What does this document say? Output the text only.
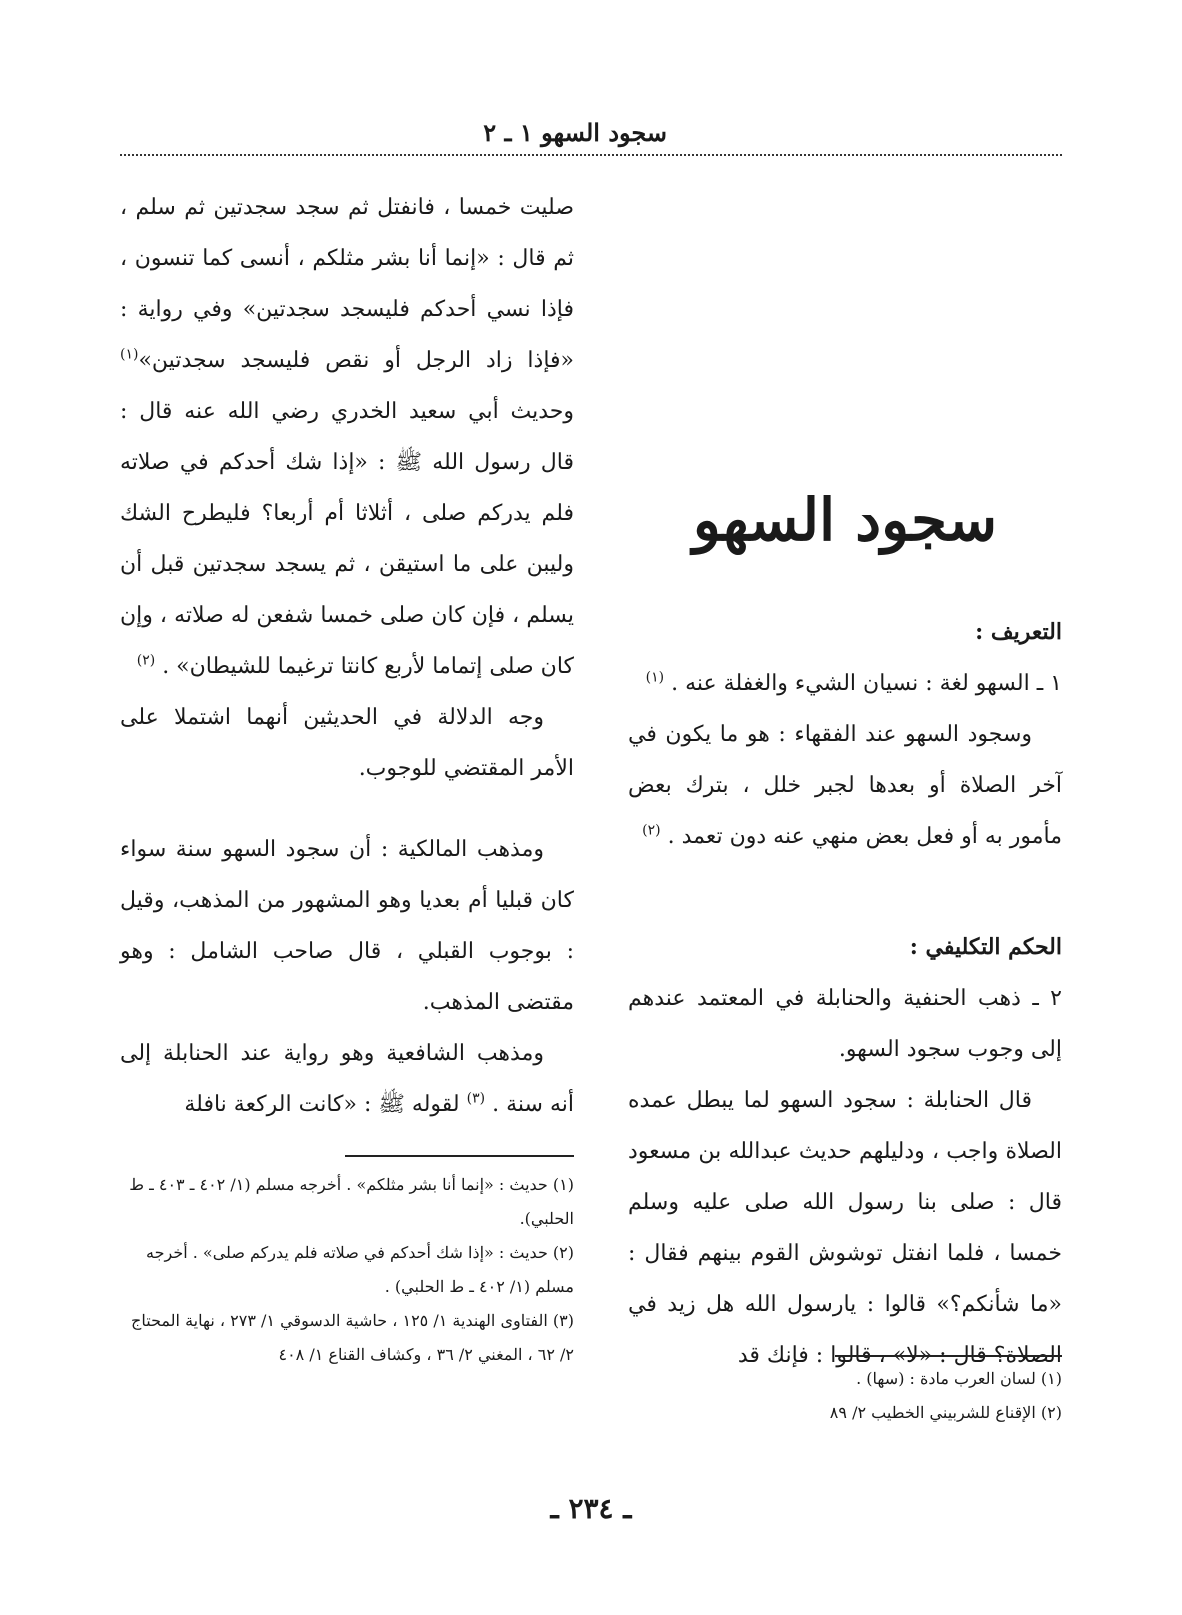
سجود السهو ١ ـ ٢
سجود السهو

التعريف :

١ ـ السهو لغة : نسيان الشيء والغفلة عنه . $^{(١)}$

وسجود السهو عند الفقهاء : هو ما يكون في آخر الصلاة أو بعدها لجبر خلل ، بترك بعض مأمور به أو فعل بعض منهي عنه دون تعمد . $^{(٢)}$

الحكم التكليفي :

٢ ـ ذهب الحنفية والحنابلة في المعتمد عندهم إلى وجوب سجود السهو.

قال الحنابلة : سجود السهو لما يبطل عمده الصلاة واجب ، ودليلهم حديث عبدالله بن مسعود قال : صلى بنا رسول الله صلى عليه وسلم خمسا ، فلما انفتل توشوش القوم بينهم فقال : «ما شأنكم؟» قالوا : يارسول الله هل زيد في الصلاة؟ قال : «لا» ، قالوا : فإنك قد

صليت خمسا ، فانفتل ثم سجد سجدتين ثم سلم ، ثم قال : «إنما أنا بشر مثلكم ، أنسى كما تنسون ، فإذا نسي أحدكم فليسجد سجدتين» وفي رواية : «فإذا زاد الرجل أو نقص فليسجد سجدتين»$^{(١)}$ وحديث أبي سعيد الخدري رضي الله عنه قال : قال رسول الله ﷺ : «إذا شك أحدكم في صلاته فلم يدركم صلى ، أثلاثا أم أربعا؟ فليطرح الشك وليبن على ما استيقن ، ثم يسجد سجدتين قبل أن يسلم ، فإن كان صلى خمسا شفعن له صلاته ، وإن كان صلى إتماما لأربع كانتا ترغيما للشيطان» . $^{(٢)}$

وجه الدلالة في الحديثين أنهما اشتملا على الأمر المقتضي للوجوب.

ومذهب المالكية : أن سجود السهو سنة سواء كان قبليا أم بعديا وهو المشهور من المذهب، وقيل : بوجوب القبلي ، قال صاحب الشامل : وهو مقتضى المذهب.

ومذهب الشافعية وهو رواية عند الحنابلة إلى أنه سنة . $^{(٣)}$ لقوله ﷺ : «كانت الركعة نافلة

(١) لسان العرب مادة : (سها) .

(٢) الإقناع للشربيني الخطيب ٢/ ٨٩

(١) حديث : «إنما أنا بشر مثلكم» . أخرجه مسلم (١/ ٤٠٢ ـ ٤٠٣ ـ ط الحلبي).

(٢) حديث : «إذا شك أحدكم في صلاته فلم يدركم صلى» . أخرجه مسلم (١/ ٤٠٢ ـ ط الحلبي) .

(٣) الفتاوى الهندية ١/ ١٢٥ ، حاشية الدسوقي ١/ ٢٧٣ ، نهاية المحتاج ٢/ ٦٢ ، المغني ٢/ ٣٦ ، وكشاف القناع ١/ ٤٠٨

ـ ٢٣٤ ـ
